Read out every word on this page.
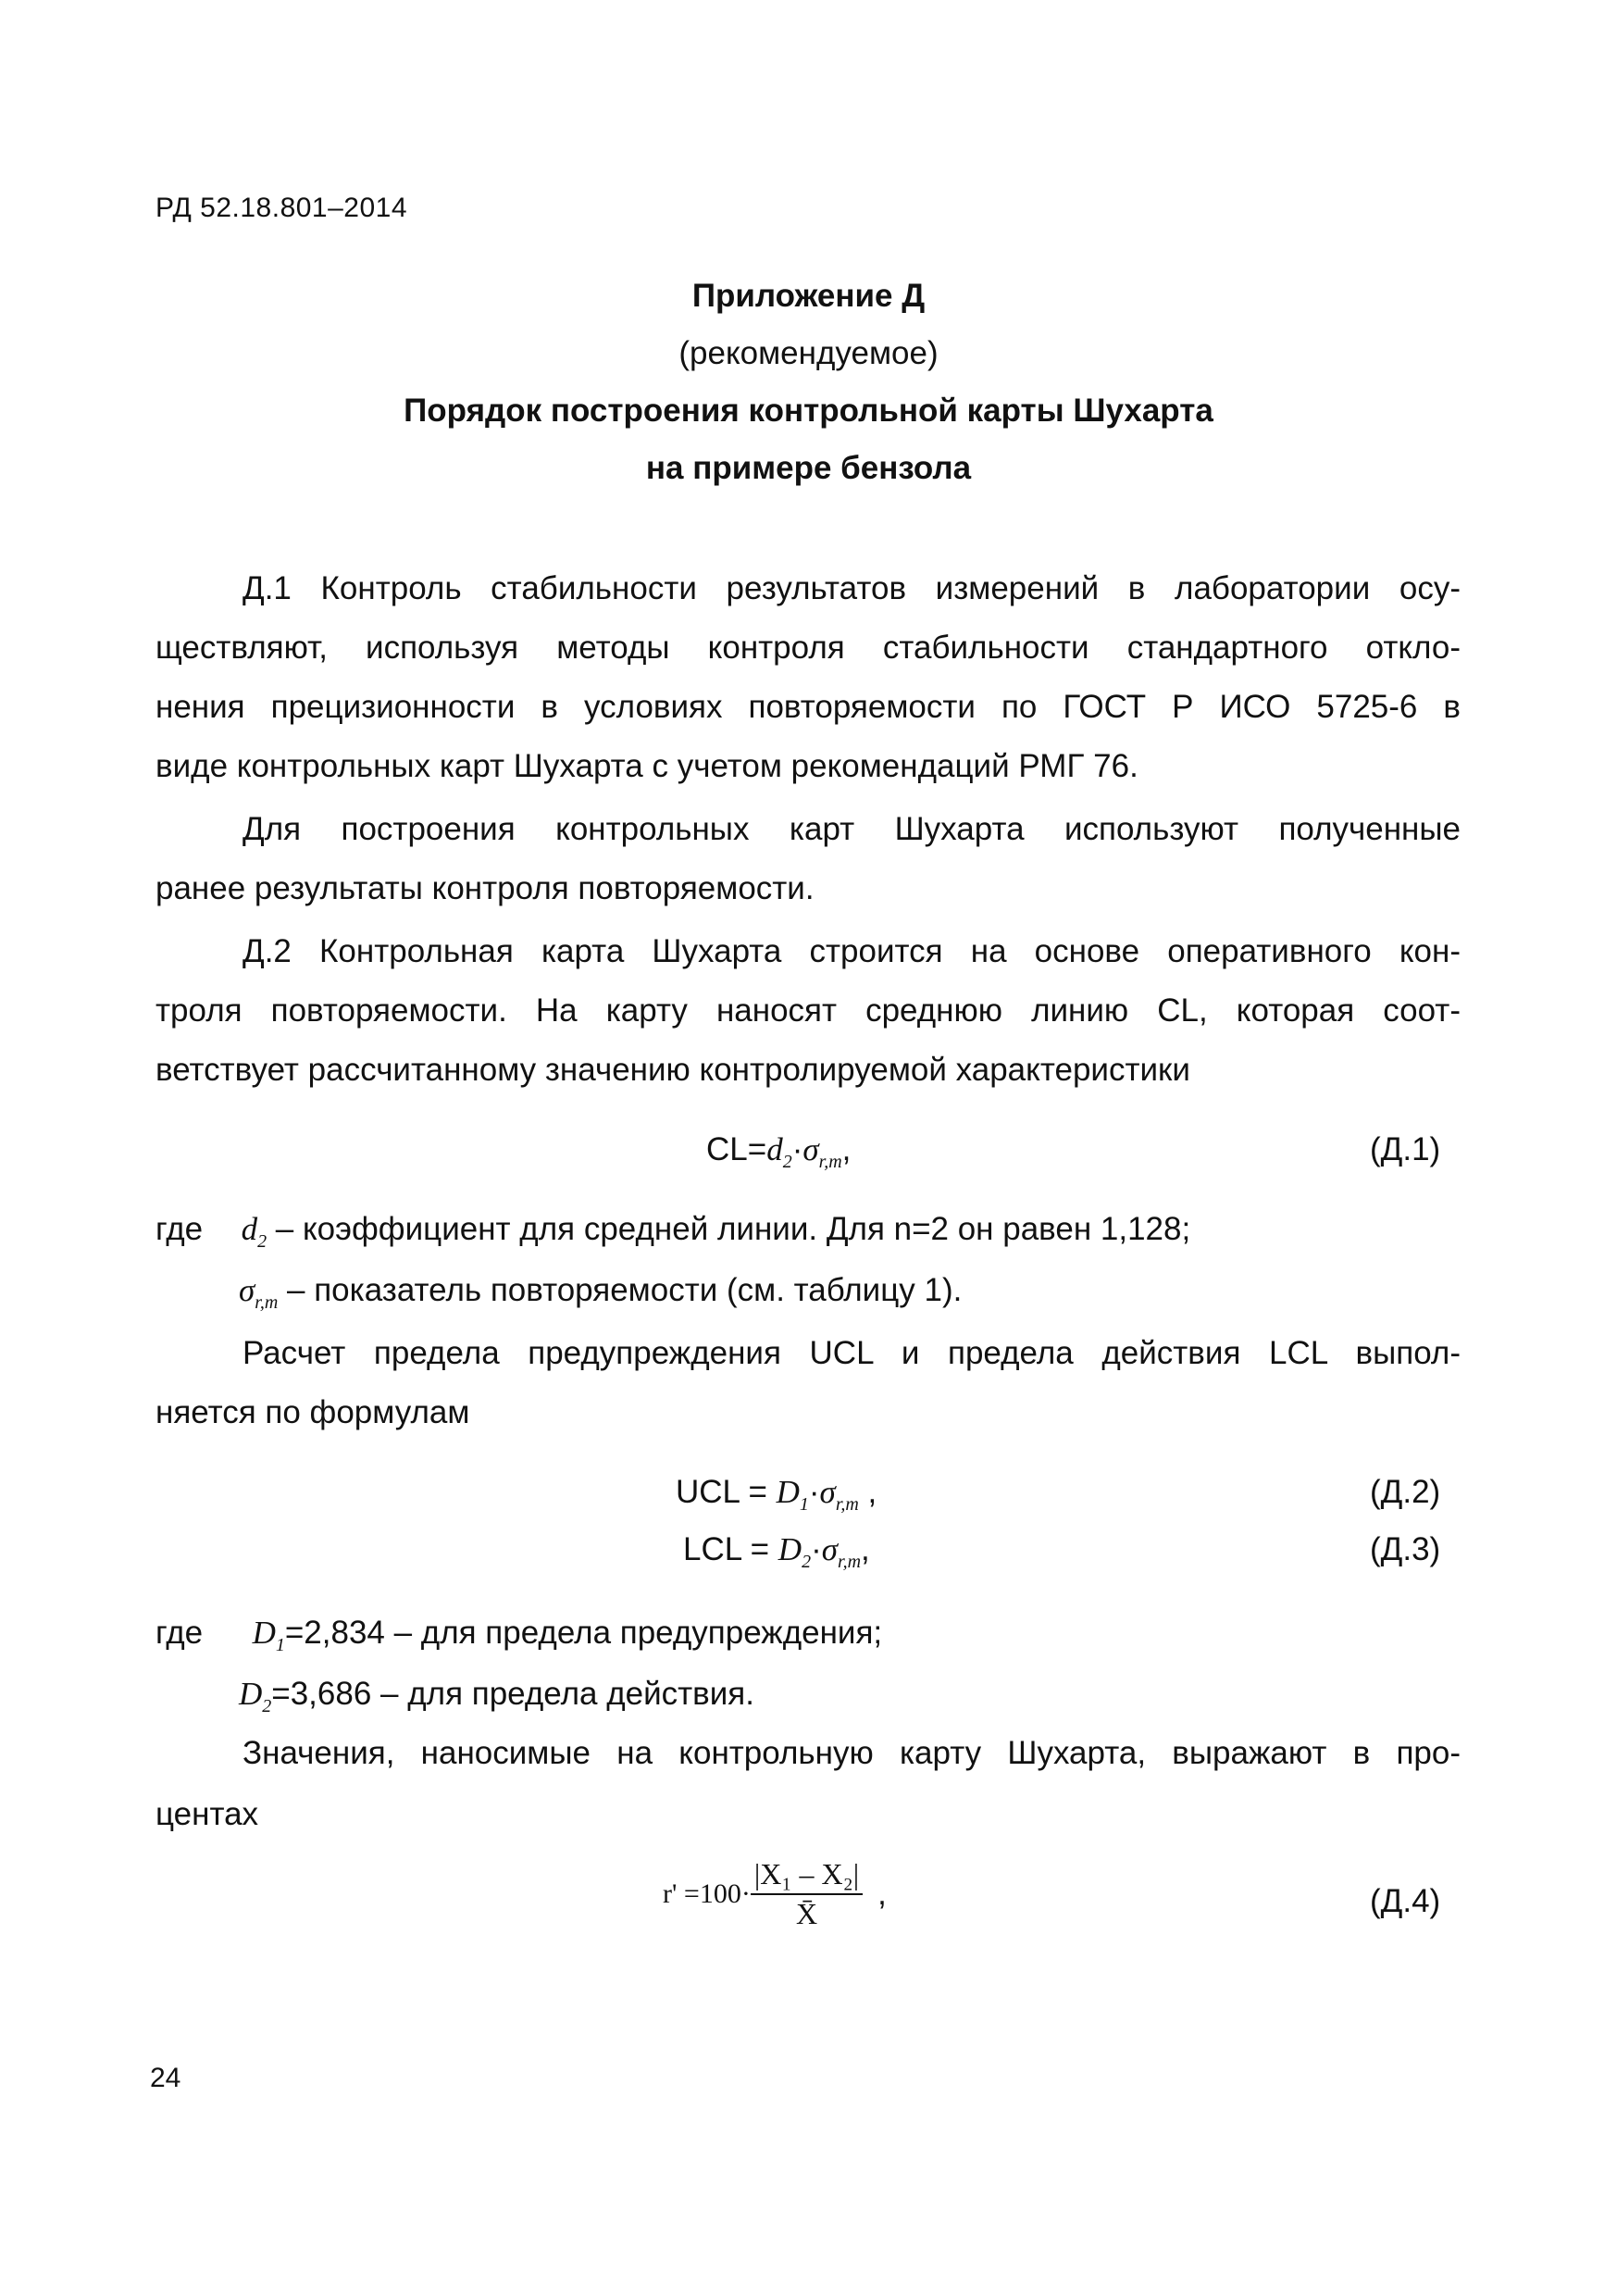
РД 52.18.801–2014
Приложение Д
(рекомендуемое)
Порядок построения контрольной карты Шухарта
на примере бензола
Д.1 Контроль стабильности результатов измерений в лаборатории осу-
ществляют, используя методы контроля стабильности стандартного откло-
нения прецизионности в условиях повторяемости по ГОСТ Р ИСО 5725-6 в
виде контрольных карт Шухарта с учетом рекомендаций РМГ 76.
Для построения контрольных карт Шухарта используют полученные
ранее результаты контроля повторяемости.
Д.2 Контрольная карта Шухарта строится на основе оперативного кон-
троля повторяемости. На карту наносят среднюю линию CL, которая соот-
ветствует рассчитанному значению контролируемой характеристики
$CL=d_2\cdot\sigma_{r,m}$,	(Д.1)
где $d_2$ – коэффициент для средней линии. Для n=2 он равен 1,128;
$\sigma_{r,m}$ – показатель повторяемости (см. таблицу 1).
Расчет предела предупреждения UCL и предела действия LCL выпол-
няется по формулам
UCL = $D_1\cdot\sigma_{r,m}$ ,	(Д.2)
LCL = $D_2\cdot\sigma_{r,m}$,	(Д.3)
где $D_1=2,834$ – для предела предупреждения;
$D_2=3,686$ – для предела действия.
Значения, наносимые на контрольную карту Шухарта, выражают в про-
центах
$r' =100\cdot \frac{\text{|X₁ – X₂|}}{X̄}$ ,	(Д.4)
24
